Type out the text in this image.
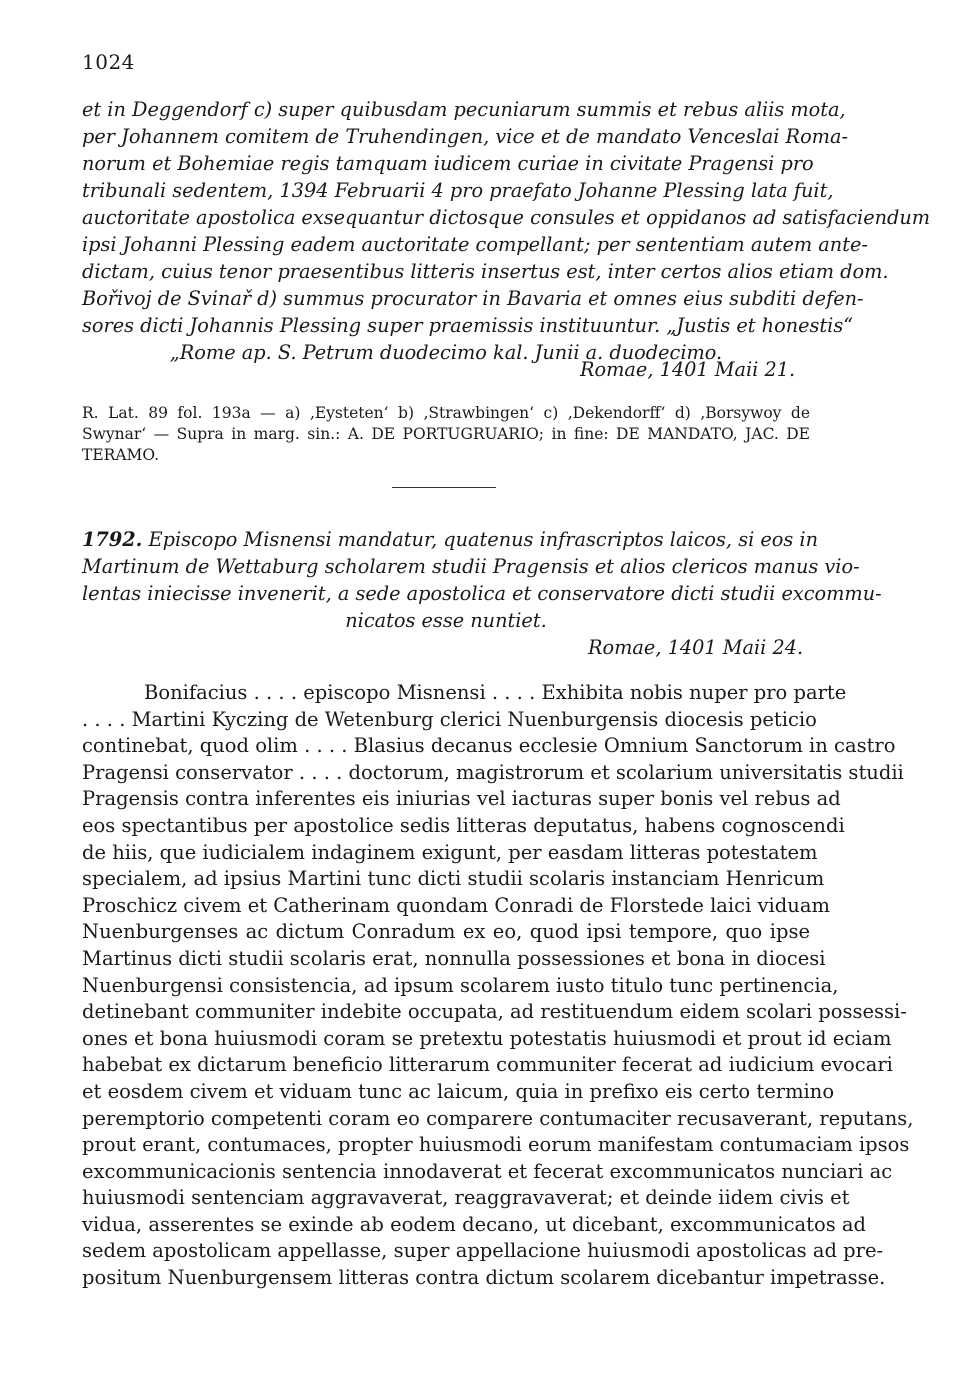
1024
et in Deggendorf c) super quibusdam pecuniarum summis et rebus aliis mota,
per Johannem comitem de Truhendingen, vice et de mandato Venceslai Roma-
norum et Bohemiae regis tamquam iudicem curiae in civitate Pragensi pro
tribunali sedentem, 1394 Februarii 4 pro praefato Johanne Plessing lata fuit,
auctoritate apostolica exsequantur dictosque consules et oppidanos ad satisfaciendum
ipsi Johanni Plessing eadem auctoritate compellant; per sententiam autem ante-
dictam, cuius tenor praesentibus litteris insertus est, inter certos alios etiam dom.
Bořivoj de Svinař d) summus procurator in Bavaria et omnes eius subditi defen-
sores dicti Johannis Plessing super praemissis instituuntur. „Justis et honestis“
„Rome ap. S. Petrum duodecimo kal. Junii a. duodecimo.
Romae, 1401 Maii 21.
R. Lat. 89 fol. 193a — a) ‚Eysteten‘ b) ‚Strawbingen‘ c) ‚Dekendorff‘ d) ‚Borsywoy de
Swynar‘ — Supra in marg. sin.: A. DE PORTUGRUARIO; in fine: DE MANDATO, JAC. DE
TERAMO.
1792. Episcopo Misnensi mandatur, quatenus infrascriptos laicos, si eos in
Martinum de Wettaburg scholarem studii Pragensis et alios clericos manus vio-
lentas iniecisse invenerit, a sede apostolica et conservatore dicti studii excommu-
nicatos esse nuntiet.
Romae, 1401 Maii 24.
Bonifacius . . . . episcopo Misnensi . . . . Exhibita nobis nuper pro parte
. . . . Martini Kyczing de Wetenburg clerici Nuenburgensis diocesis peticio
continebat, quod olim . . . . Blasius decanus ecclesie Omnium Sanctorum in castro
Pragensi conservator . . . . doctorum, magistrorum et scolarium universitatis studii
Pragensis contra inferentes eis iniurias vel iacturas super bonis vel rebus ad
eos spectantibus per apostolice sedis litteras deputatus, habens cognoscendi
de hiis, que iudicialem indaginem exigunt, per easdam litteras potestatem
specialem, ad ipsius Martini tunc dicti studii scolaris instanciam Henricum
Proschicz civem et Catherinam quondam Conradi de Florstede laici viduam
Nuenburgenses ac dictum Conradum ex eo, quod ipsi tempore, quo ipse
Martinus dicti studii scolaris erat, nonnulla possessiones et bona in diocesi
Nuenburgensi consistencia, ad ipsum scolarem iusto titulo tunc pertinencia,
detinebant communiter indebite occupata, ad restituendum eidem scolari possessi-
ones et bona huiusmodi coram se pretextu potestatis huiusmodi et prout id eciam
habebat ex dictarum beneficio litterarum communiter fecerat ad iudicium evocari
et eosdem civem et viduam tunc ac laicum, quia in prefixo eis certo termino
peremptorio competenti coram eo comparere contumaciter recusaverant, reputans,
prout erant, contumaces, propter huiusmodi eorum manifestam contumaciam ipsos
excommunicacionis sentencia innodaverat et fecerat excommunicatos nunciari ac
huiusmodi sentenciam aggravaverat, reaggravaverat; et deinde iidem civis et
vidua, asserentes se exinde ab eodem decano, ut dicebant, excommunicatos ad
sedem apostolicam appellasse, super appellacione huiusmodi apostolicas ad pre-
positum Nuenburgensem litteras contra dictum scolarem dicebantur impetrasse.
